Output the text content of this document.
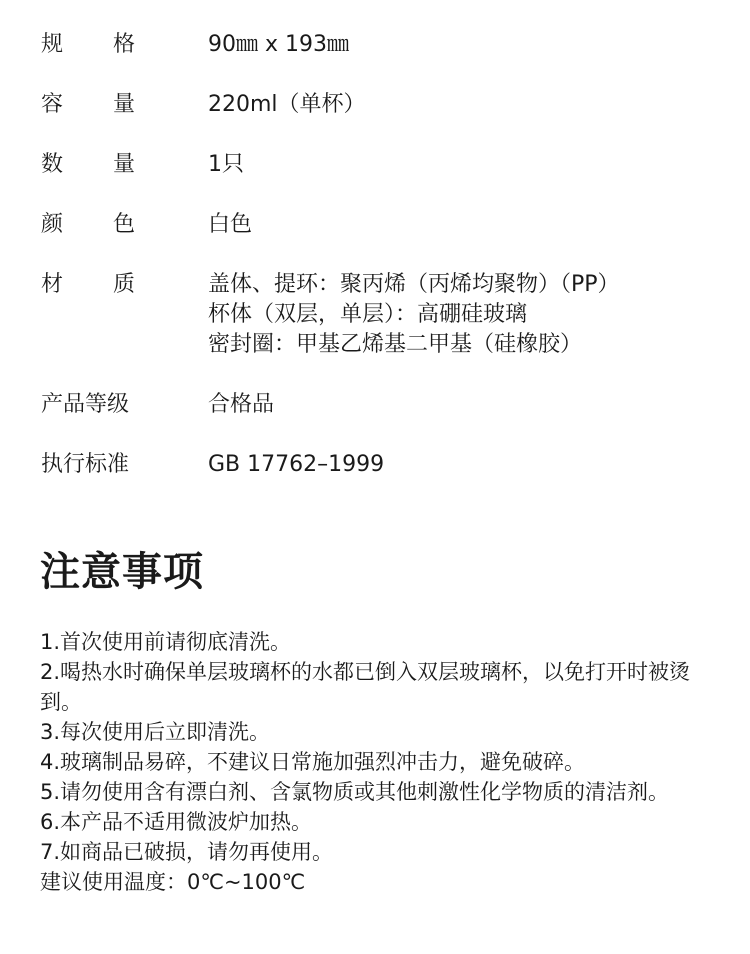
规 格	90㎜ x 193㎜
容 量	220ml（单杯）
数 量	1只
颜 色	白色
材 质	盖体、提环：聚丙烯（丙烯均聚物）（PP）
杯体（双层，单层）：高硼硅玻璃
密封圈：甲基乙烯基二甲基（硅橡胶）
产品等级	合格品
执行标准	GB 17762–1999
注意事项
1.首次使用前请彻底清洗。
2.喝热水时确保单层玻璃杯的水都已倒入双层玻璃杯，以免打开时被烫到。
3.每次使用后立即清洗。
4.玻璃制品易碎，不建议日常施加强烈冲击力，避免破碎。
5.请勿使用含有漂白剂、含氯物质或其他刺激性化学物质的清洁剂。
6.本产品不适用微波炉加热。
7.如商品已破损，请勿再使用。
建议使用温度：0℃~100℃
